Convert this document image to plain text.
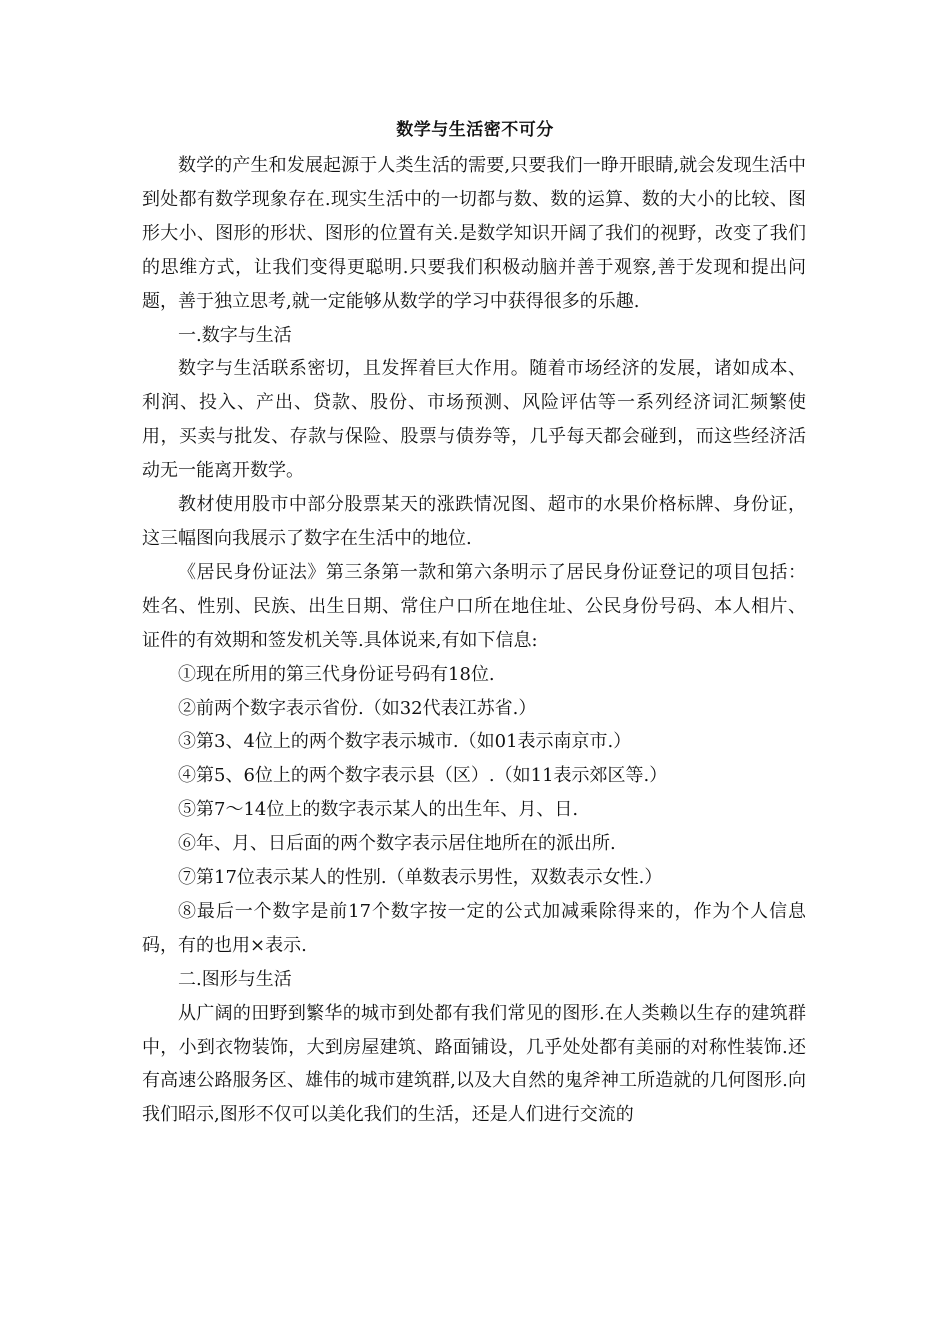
数学与生活密不可分

数学的产生和发展起源于人类生活的需要,只要我们一睁开眼睛,就会发现生活中到处都有数学现象存在.现实生活中的一切都与数、数的运算、数的大小的比较、图形大小、图形的形状、图形的位置有关.是数学知识开阔了我们的视野，改变了我们的思维方式，让我们变得更聪明.只要我们积极动脑并善于观察,善于发现和提出问题，善于独立思考,就一定能够从数学的学习中获得很多的乐趣.

一.数字与生活

数字与生活联系密切，且发挥着巨大作用。随着市场经济的发展，诸如成本、利润、投入、产出、贷款、股份、市场预测、风险评估等一系列经济词汇频繁使用，买卖与批发、存款与保险、股票与债券等，几乎每天都会碰到，而这些经济活动无一能离开数学。

教材使用股市中部分股票某天的涨跌情况图、超市的水果价格标牌、身份证，这三幅图向我展示了数字在生活中的地位.

《居民身份证法》第三条第一款和第六条明示了居民身份证登记的项目包括：姓名、性别、民族、出生日期、常住户口所在地住址、公民身份号码、本人相片、证件的有效期和签发机关等.具体说来,有如下信息:

①现在所用的第三代身份证号码有18位.

②前两个数字表示省份.（如32代表江苏省.）

③第3、4位上的两个数字表示城市.（如01表示南京市.）

④第5、6位上的两个数字表示县（区）.（如11表示郊区等.）

⑤第7～14位上的数字表示某人的出生年、月、日.

⑥年、月、日后面的两个数字表示居住地所在的派出所.

⑦第17位表示某人的性别.（单数表示男性，双数表示女性.）

⑧最后一个数字是前17个数字按一定的公式加减乘除得来的，作为个人信息码，有的也用×表示.

二.图形与生活

从广阔的田野到繁华的城市到处都有我们常见的图形.在人类赖以生存的建筑群中，小到衣物装饰，大到房屋建筑、路面铺设，几乎处处都有美丽的对称性装饰.还有高速公路服务区、雄伟的城市建筑群,以及大自然的鬼斧神工所造就的几何图形.向我们昭示,图形不仅可以美化我们的生活，还是人们进行交流的
